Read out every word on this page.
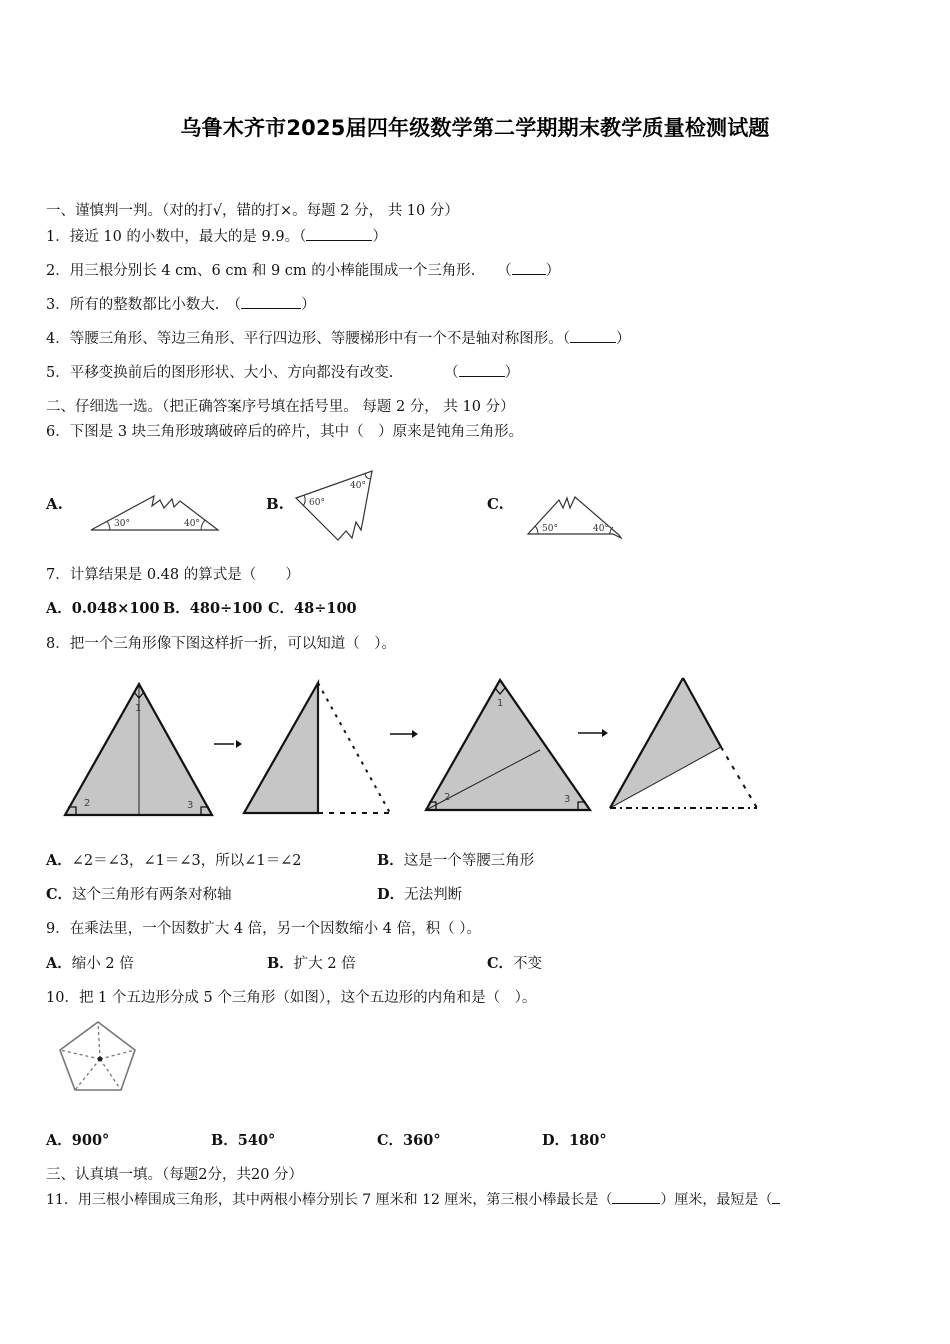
乌鲁木齐市2025届四年级数学第二学期期末教学质量检测试题
一、谨慎判一判。（对的打√，错的打×。每题 2 分， 共 10 分）
1．接近 10 的小数中，最大的是 9.9。（	）
2．用三根分别长 4 cm、6 cm 和 9 cm 的小棒能围成一个三角形.　　（ ）
3．所有的整数都比小数大.　（	）
4．等腰三角形、等边三角形、平行四边形、等腰梯形中有一个不是轴对称图形。（	）
5．平移变换前后的图形形状、大小、方向都没有改变.　　　　（	）
二、仔细选一选。（把正确答案序号填在括号里。 每题 2 分， 共 10 分）
6．下图是 3 块三角形玻璃破碎后的碎片，其中（　）原来是钝角三角形。
A.
30°	40°
B.	60°
40°
C.
50°	40°
7．计算结果是 0.48 的算式是（　　）
A．0.048×100 B．480÷100 C．48÷100
8．把一个三角形像下图这样折一折，可以知道（　）。
1
2	3
1
2	3
A．∠2＝∠3，∠1＝∠3，所以∠1＝∠2	B．这是一个等腰三角形
C．这个三角形有两条对称轴	D．无法判断
9．在乘法里，一个因数扩大 4 倍，另一个因数缩小 4 倍，积（ ）。
A．缩小 2 倍	B．扩大 2 倍	C．不变
10．把 1 个五边形分成 5 个三角形（如图），这个五边形的内角和是（　）。
A．900°	B．540°	C．360°	D．180°
三、认真填一填。（每题2分，共20 分）
11．用三根小棒围成三角形，其中两根小棒分别长 7 厘米和 12 厘米，第三根小棒最长是（	）厘米，最短是（
